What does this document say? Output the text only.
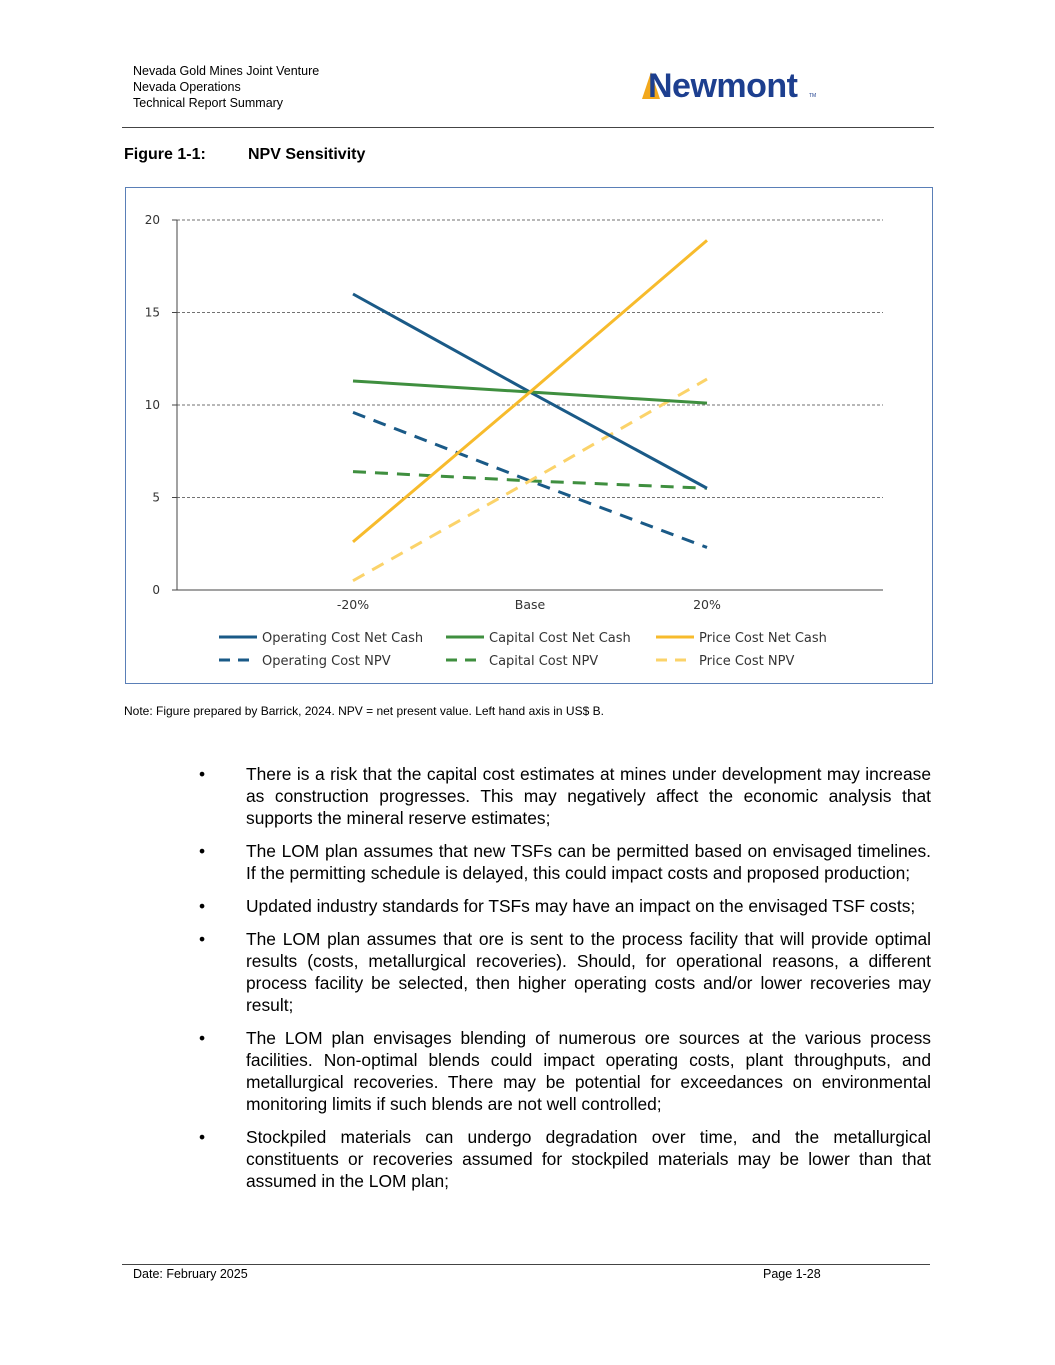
Nevada Gold Mines Joint Venture
Nevada Operations
Technical Report Summary	Newmont TM
Figure 1-1:	NPV Sensitivity
0
5
10
15
20
-20%	Base	20%
Operating Cost Net Cash	Capital Cost Net Cash	Price Cost Net Cash
Operating Cost NPV	Capital Cost NPV	Price Cost NPV
Note: Figure prepared by Barrick, 2024. NPV = net present value. Left hand axis in US$ B.
• There is a risk that the capital cost estimates at mines under development may increase as construction progresses. This may negatively affect the economic analysis that supports the mineral reserve estimates;
• The LOM plan assumes that new TSFs can be permitted based on envisaged timelines. If the permitting schedule is delayed, this could impact costs and proposed production;
• Updated industry standards for TSFs may have an impact on the envisaged TSF costs;
• The LOM plan assumes that ore is sent to the process facility that will provide optimal results (costs, metallurgical recoveries). Should, for operational reasons, a different process facility be selected, then higher operating costs and/or lower recoveries may result;
• The LOM plan envisages blending of numerous ore sources at the various process facilities. Non-optimal blends could impact operating costs, plant throughputs, and metallurgical recoveries. There may be potential for exceedances on environmental monitoring limits if such blends are not well controlled;
• Stockpiled materials can undergo degradation over time, and the metallurgical constituents or recoveries assumed for stockpiled materials may be lower than that assumed in the LOM plan;
Date: February 2025	Page 1-28
